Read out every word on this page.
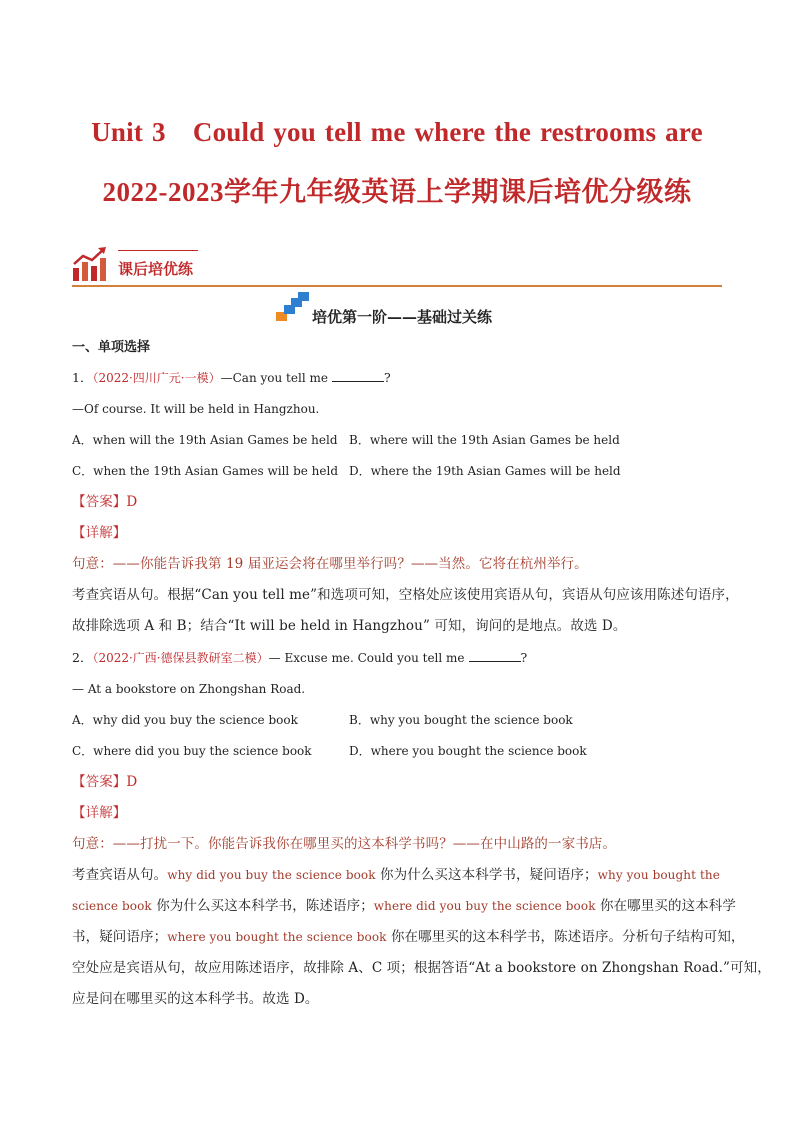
Unit 3　Could you tell me where the restrooms are
2022-2023学年九年级英语上学期课后培优分级练
课后培优练
培优第一阶——基础过关练
一、单项选择
1．（2022·四川广元·一模）—Can you tell me	?
—Of course. It will be held in Hangzhou.
A．when will the 19th Asian Games be held B．where will the 19th Asian Games be held
C．when the 19th Asian Games will be held D．where the 19th Asian Games will be held
【答案】D
【详解】
句意：——你能告诉我第 19 届亚运会将在哪里举行吗？——当然。它将在杭州举行。
考查宾语从句。根据“Can you tell me”和选项可知，空格处应该使用宾语从句，宾语从句应该用陈述句语序，
故排除选项 A 和 B；结合“It will be held in Hangzhou” 可知，询问的是地点。故选 D。
2．（2022·广西·德保县教研室二模）— Excuse me. Could you tell me	?
— At a bookstore on Zhongshan Road.
A．why did you buy the science book	B．why you bought the science book
C．where did you buy the science book	D．where you bought the science book
【答案】D
【详解】
句意：——打扰一下。你能告诉我你在哪里买的这本科学书吗？——在中山路的一家书店。
考查宾语从句。why did you buy the science book 你为什么买这本科学书，疑问语序；why you bought the
science book 你为什么买这本科学书，陈述语序；where did you buy the science book 你在哪里买的这本科学
书，疑问语序；where you bought the science book 你在哪里买的这本科学书，陈述语序。分析句子结构可知，
空处应是宾语从句，故应用陈述语序，故排除 A、C 项；根据答语“At a bookstore on Zhongshan Road.”可知，
应是问在哪里买的这本科学书。故选 D。
